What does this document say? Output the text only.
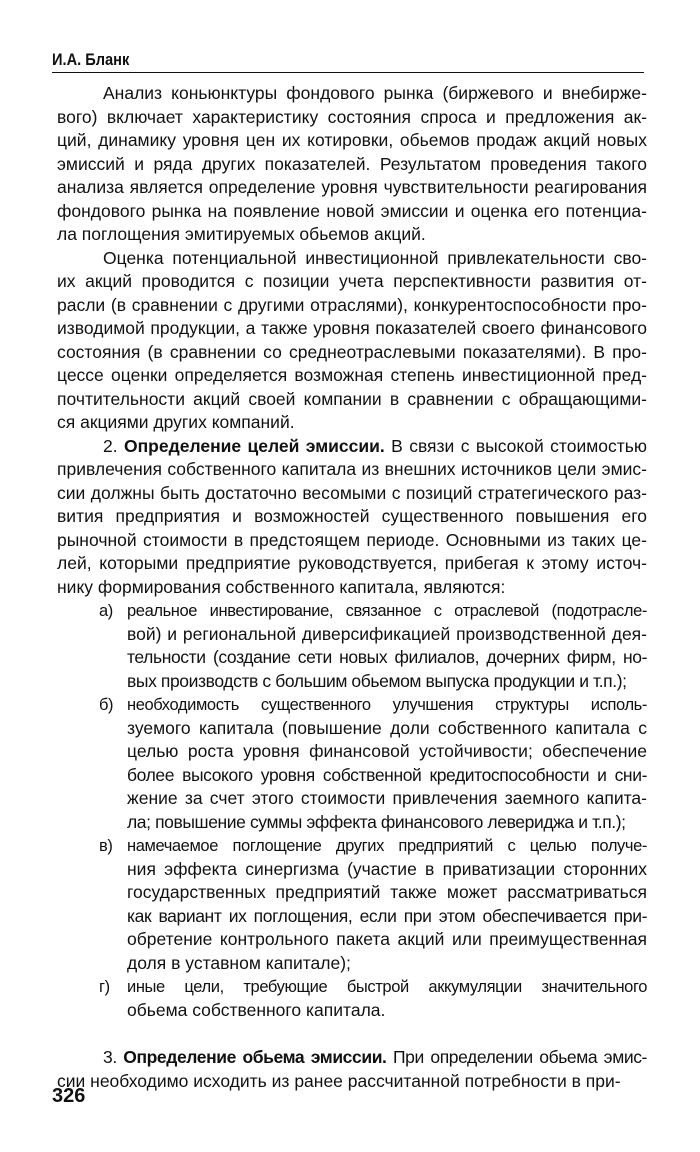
И.А. Бланк
Анализ коньюнктуры фондового рынка (биржевого и внебирже-
вого) включает характеристику состояния спроса и предложения ак-
ций, динамику уровня цен их котировки, обьемов продаж акций новых
эмиссий и ряда других показателей. Результатом проведения такого
анализа является определение уровня чувствительности реагирования
фондового рынка на появление новой эмиссии и оценка его потенциа-
ла поглощения эмитируемых обьемов акций.
Оценка потенциальной инвестиционной привлекательности сво-
их акций проводится с позиции учета перспективности развития от-
расли (в сравнении с другими отраслями), конкурентоспособности про-
изводимой продукции, а также уровня показателей своего финансового
состояния (в сравнении со среднеотраслевыми показателями). В про-
цессе оценки определяется возможная степень инвестиционной пред-
почтительности акций своей компании в сравнении с обращающими-
ся акциями других компаний.
2. Определение целей эмиссии. В связи с высокой стоимостью
привлечения собственного капитала из внешних источников цели эмис-
сии должны быть достаточно весомыми с позиций стратегического раз-
вития предприятия и возможностей существенного повышения его
рыночной стоимости в предстоящем периоде. Основными из таких це-
лей, которыми предприятие руководствуется, прибегая к этому источ-
нику формирования собственного капитала, являются:
а) реальное инвестирование, связанное с отраслевой (подотрасле-
вой) и региональной диверсификацией производственной дея-
тельности (создание сети новых филиалов, дочерних фирм, но-
вых производств с большим обьемом выпуска продукции и т.п.);
б) необходимость существенного улучшения структуры исполь-
зуемого капитала (повышение доли собственного капитала с
целью роста уровня финансовой устойчивости; обеспечение
более высокого уровня собственной кредитоспособности и сни-
жение за счет этого стоимости привлечения заемного капита-
ла; повышение суммы эффекта финансового левериджа и т.п.);
в) намечаемое поглощение других предприятий с целью получе-
ния эффекта синергизма (участие в приватизации сторонних
государственных предприятий также может рассматриваться
как вариант их поглощения, если при этом обеспечивается при-
обретение контрольного пакета акций или преимущественная
доля в уставном капитале);
г) иные цели, требующие быстрой аккумуляции значительного
обьема собственного капитала.
3. Определение обьема эмиссии. При определении обьема эмис-
сии необходимо исходить из ранее рассчитанной потребности в при-
326
